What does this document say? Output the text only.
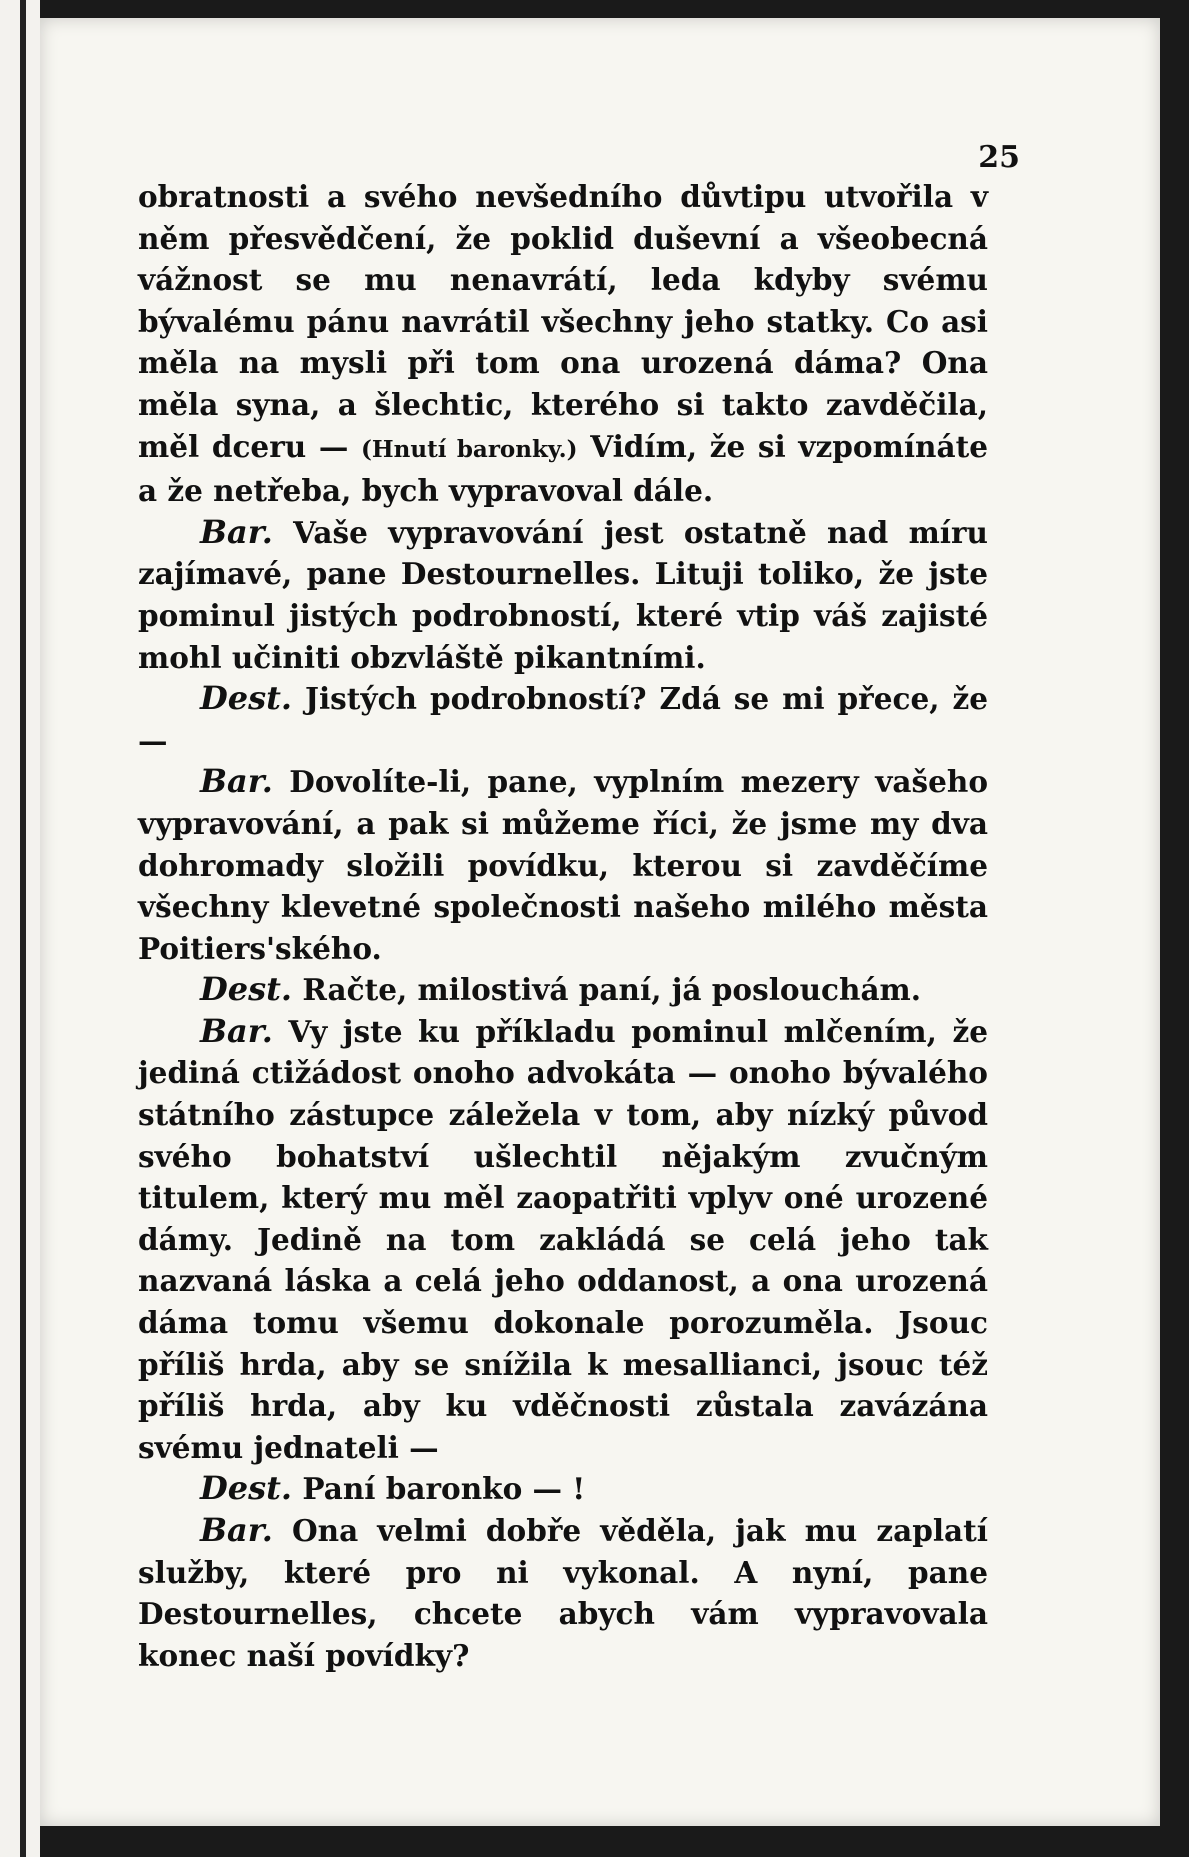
25

obratnosti a svého nevšedního důvtipu utvořila v něm přesvědčení, že poklid duševní a všeobecná vážnost se mu nenavrátí, leda kdyby svému bývalému pánu navrátil všechny jeho statky. Co asi měla na mysli při tom ona urozená dáma? Ona měla syna, a šlechtic, kterého si takto zavděčila, měl dceru — (Hnutí baronky.) Vidím, že si vzpomínáte a že netřeba, bych vypravoval dále.

Bar. Vaše vypravování jest ostatně nad míru zajímavé, pane Destournelles. Lituji toliko, že jste pominul jistých podrobností, které vtip váš zajisté mohl učiniti obzvláště pikantními.

Dest. Jistých podrobností? Zdá se mi přece, že —

Bar. Dovolíte-li, pane, vyplním mezery vašeho vypravování, a pak si můžeme říci, že jsme my dva dohromady složili povídku, kterou si zavděčíme všechny klevetné společnosti našeho milého města Poitiers'ského.

Dest. Račte, milostivá paní, já poslouchám.

Bar. Vy jste ku příkladu pominul mlčením, že jediná ctižádost onoho advokáta — onoho bývalého státního zástupce záležela v tom, aby nízký původ svého bohatství ušlechtil nějakým zvučným titulem, který mu měl zaopatřiti vplyv oné urozené dámy. Jedině na tom zakládá se celá jeho tak nazvaná láska a celá jeho oddanost, a ona urozená dáma tomu všemu dokonale porozuměla. Jsouc příliš hrda, aby se snížila k mesallianci, jsouc též příliš hrda, aby ku vděčnosti zůstala zavázána svému jednateli —

Dest. Paní baronko — !

Bar. Ona velmi dobře věděla, jak mu zaplatí služby, které pro ni vykonal. A nyní, pane Destournelles, chcete abych vám vypravovala konec naší povídky?
